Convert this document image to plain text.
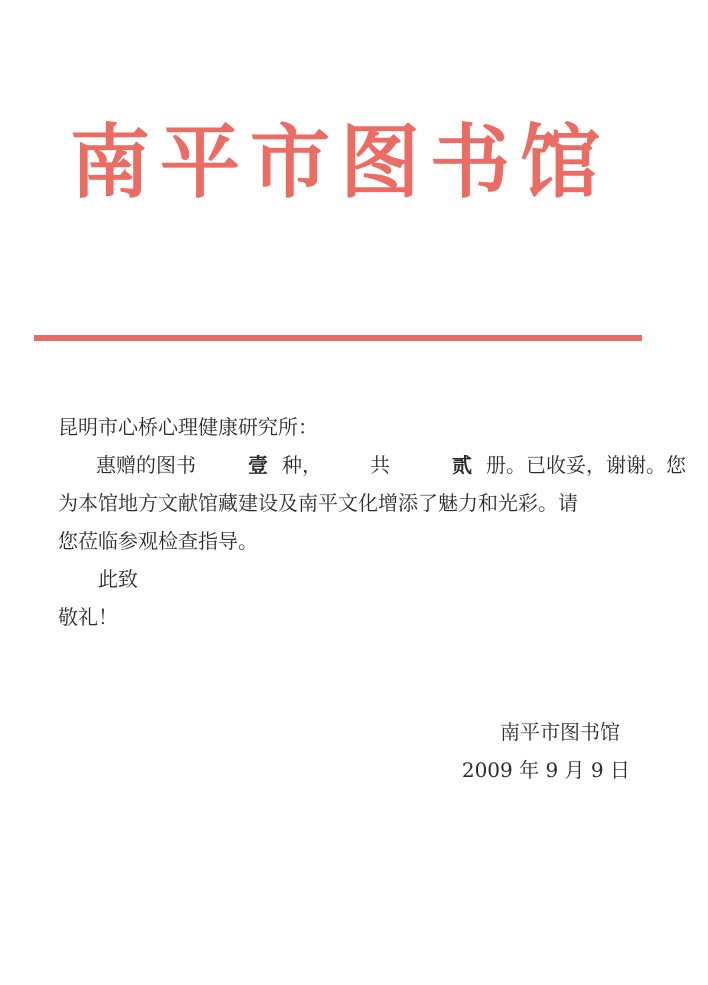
南平市图书馆
昆明市心桥心理健康研究所：
惠赠的图书	壹 种， 共	贰 册。已收妥，谢谢。您
为本馆地方文献馆藏建设及南平文化增添了魅力和光彩。请
您莅临参观检查指导。
此致
敬礼！
南平市图书馆
2009 年 9 月 9 日
